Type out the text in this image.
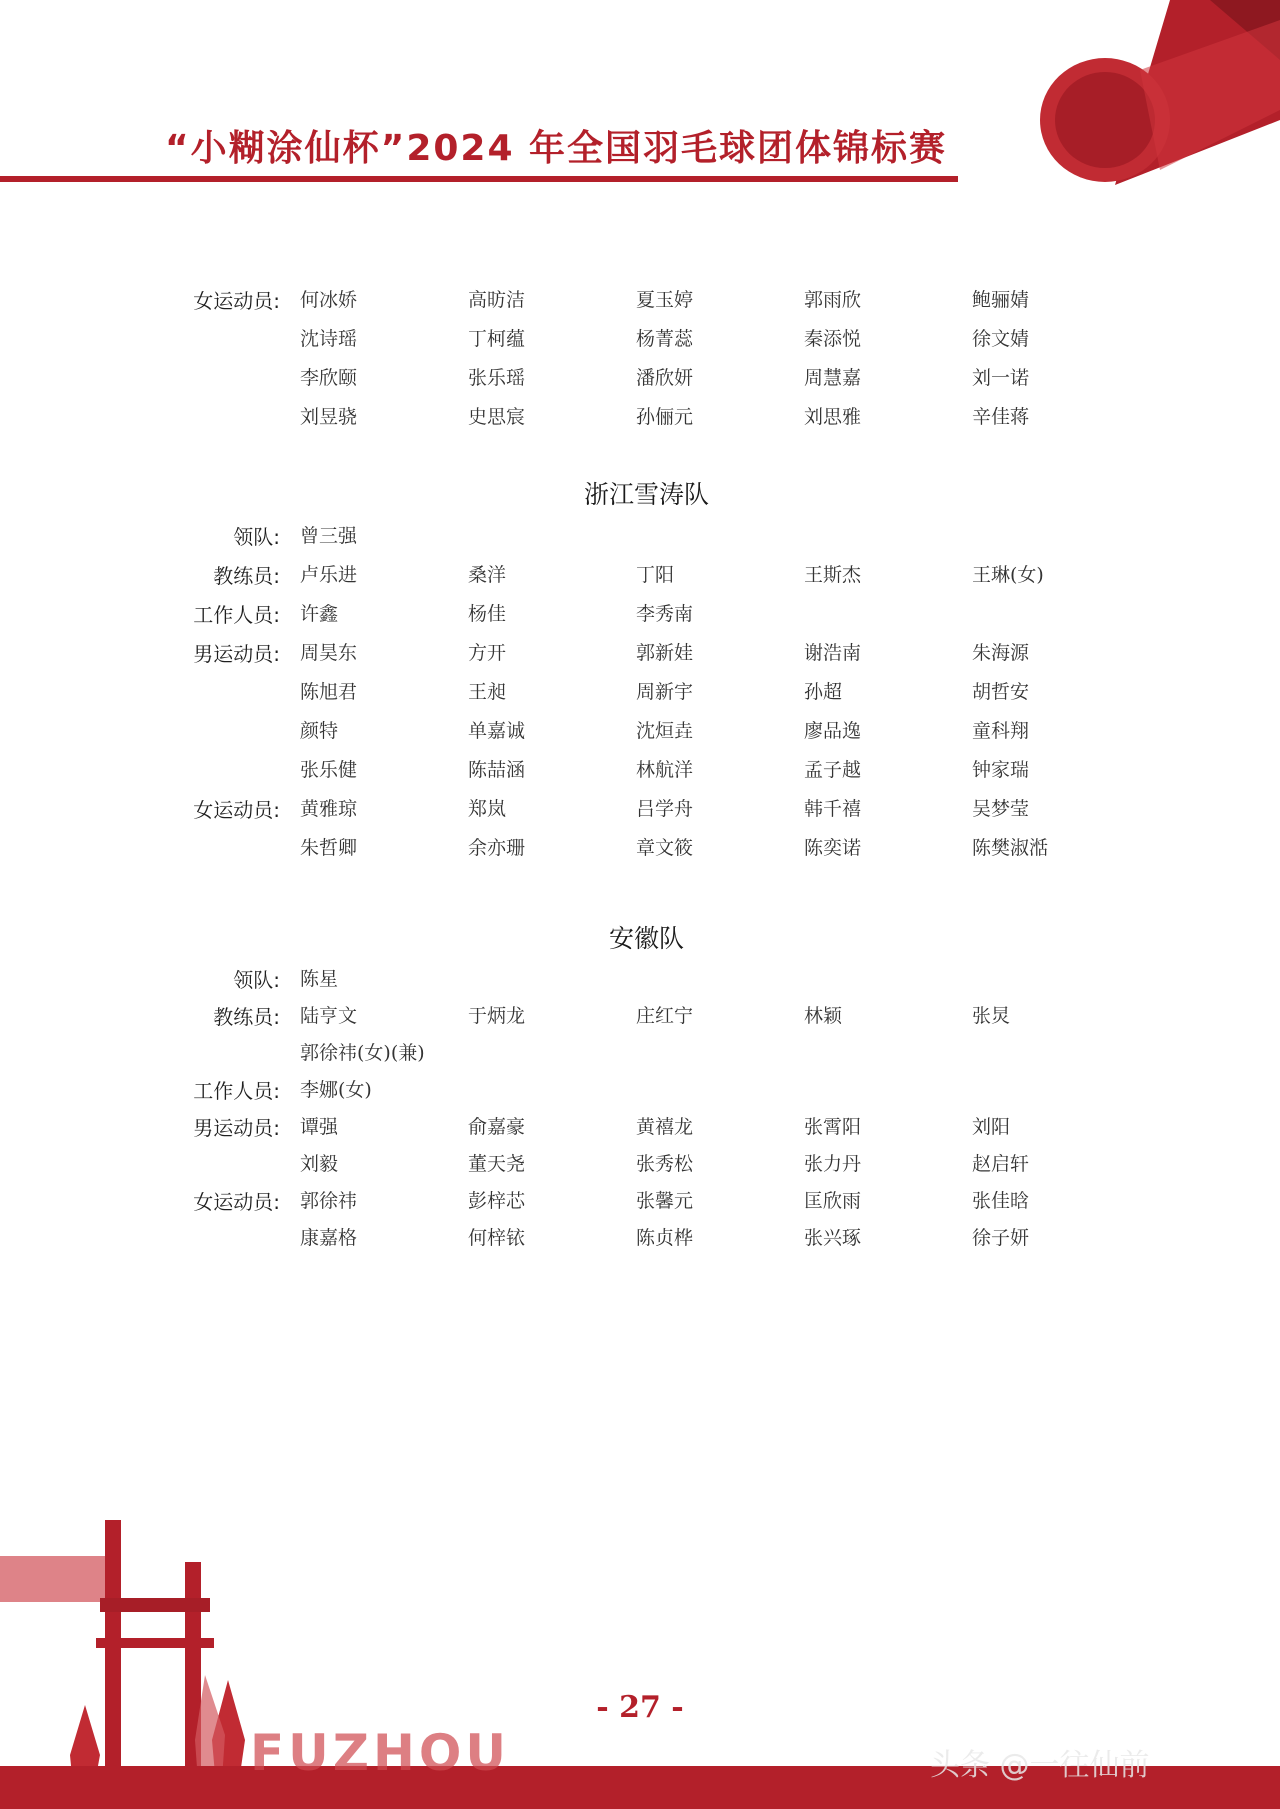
“小糊涂仙杯”2024 年全国羽毛球团体锦标赛
女运动员: 何冰娇	高昉洁	夏玉婷	郭雨欣	鲍骊婧
沈诗瑶	丁柯蕴	杨菁蕊	秦添悦	徐文婧
李欣颐	张乐瑶	潘欣妍	周慧嘉	刘一诺
刘昱骁	史思宸	孙俪元	刘思雅	辛佳蒋
浙江雪涛队
领队: 曾三强
教练员: 卢乐进	桑洋	丁阳	王斯杰	王琳(女)
工作人员: 许鑫	杨佳	李秀南
男运动员: 周昊东	方开	郭新娃	谢浩南	朱海源
陈旭君	王昶	周新宇	孙超	胡哲安
颜特	单嘉诚	沈烜垚	廖品逸	童科翔
张乐健	陈喆涵	林航洋	孟子越	钟家瑞
女运动员: 黄雅琼	郑岚	吕学舟	韩千禧	吴梦莹
朱哲卿	余亦珊	章文筱	陈奕诺	陈樊淑湉
安徽队
领队: 陈星
教练员: 陆亨文	于炳龙	庄红宁	林颖	张炅
郭徐祎(女)(兼)
工作人员: 李娜(女)
男运动员: 谭强	俞嘉豪	黄禧龙	张霄阳	刘阳
刘毅	董天尧	张秀松	张力丹	赵启轩
女运动员: 郭徐祎	彭梓芯	张馨元	匡欣雨	张佳晗
康嘉格	何梓铱	陈贞桦	张兴琢	徐子妍
FUZHOU
- 27 -
头条 @一往仙前
